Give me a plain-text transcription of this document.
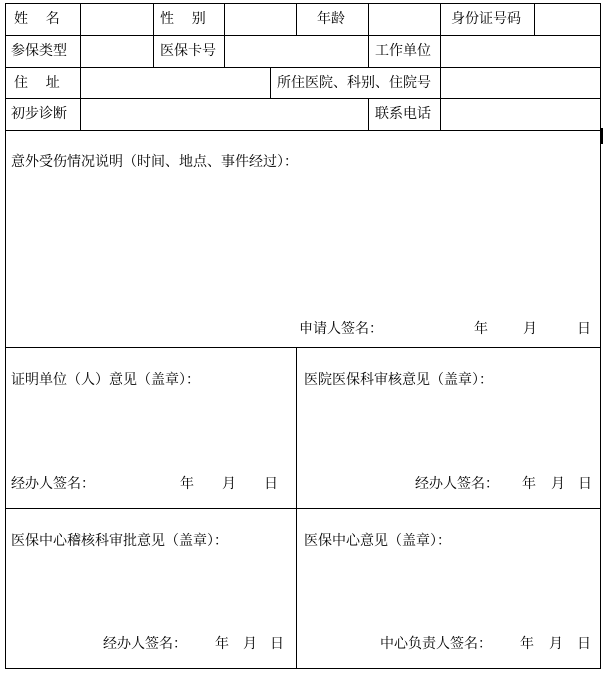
姓    名	性    别	年龄	身份证号码
参保类型	医保卡号	工作单位
住    址	所住医院、科别、住院号
初步诊断	联系电话
意外受伤情况说明（时间、地点、事件经过）：
申请人签名：	年	月	日
证明单位（人）意见（盖章）：
经办人签名：	年 月 日
医院医保科审核意见（盖章）：
经办人签名： 年 月 日
医保中心稽核科审批意见（盖章）：
经办人签名： 年 月 日
医保中心意见（盖章）：
中心负责人签名： 年 月 日
